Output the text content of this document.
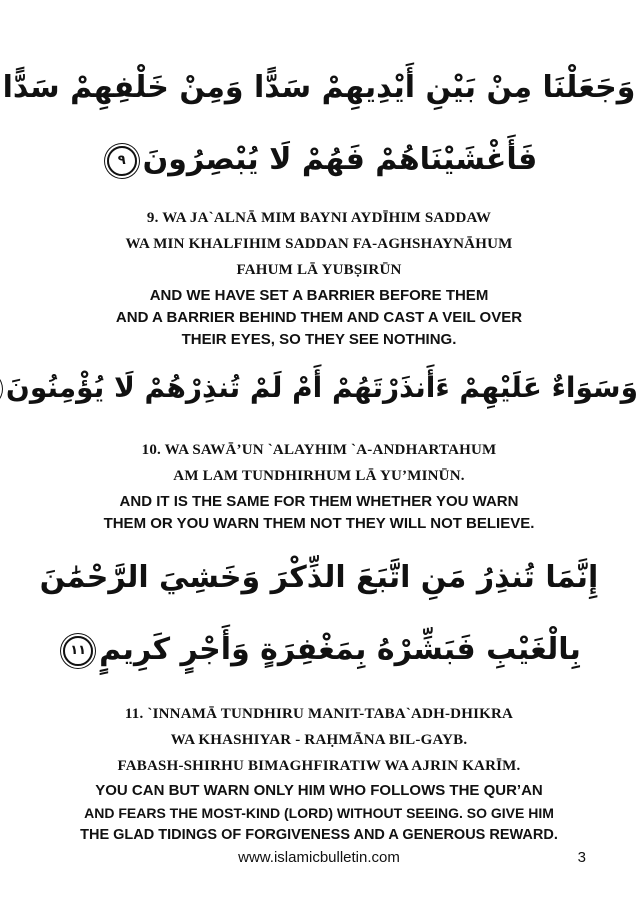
وَجَعَلْنَا مِنْ بَيْنِ أَيْدِيهِمْ سَدًّا وَمِنْ خَلْفِهِمْ سَدًّا
فَأَغْشَيْنَاهُمْ فَهُمْ لَا يُبْصِرُونَ٩
9. WA JA`ALNĀ MIM BAYNI AYDĪHIM SADDAW
WA MIN KHALFIHIM SADDAN FA-AGHSHAYNĀHUM
FAHUM LĀ YUBṢIRŪN
AND WE HAVE SET A BARRIER BEFORE THEM
AND A BARRIER BEHIND THEM AND CAST A VEIL OVER
THEIR EYES, SO THEY SEE NOTHING.
وَسَوَاءٌ عَلَيْهِمْ ءَأَنذَرْتَهُمْ أَمْ لَمْ تُنذِرْهُمْ لَا يُؤْمِنُونَ
10. WA SAWĀ’UN `ALAYHIM `A-ANDHARTAHUM
AM LAM TUNDHIRHUM LĀ YU’MINŪN.
AND IT IS THE SAME FOR THEM WHETHER YOU WARN
THEM OR YOU WARN THEM NOT THEY WILL NOT BELIEVE.
إِنَّمَا تُنذِرُ مَنِ اتَّبَعَ الذِّكْرَ وَخَشِيَ الرَّحْمَٰنَ
بِالْغَيْبِ فَبَشِّرْهُ بِمَغْفِرَةٍ وَأَجْرٍ كَرِيمٍ١١
11. `INNAMĀ TUNDHIRU MANIT-TABA`ADH-DHIKRA
WA KHASHIYAR - RAḤMĀNA BIL-GAYB.
FABASH-SHIRHU BIMAGHFIRATIW WA AJRIN KARĪM.
YOU CAN BUT WARN ONLY HIM WHO FOLLOWS THE QUR’AN
AND FEARS THE MOST-KIND (LORD) WITHOUT SEEING. SO GIVE HIM
THE GLAD TIDINGS OF FORGIVENESS AND A GENEROUS REWARD.
www.islamicbulletin.com	3
